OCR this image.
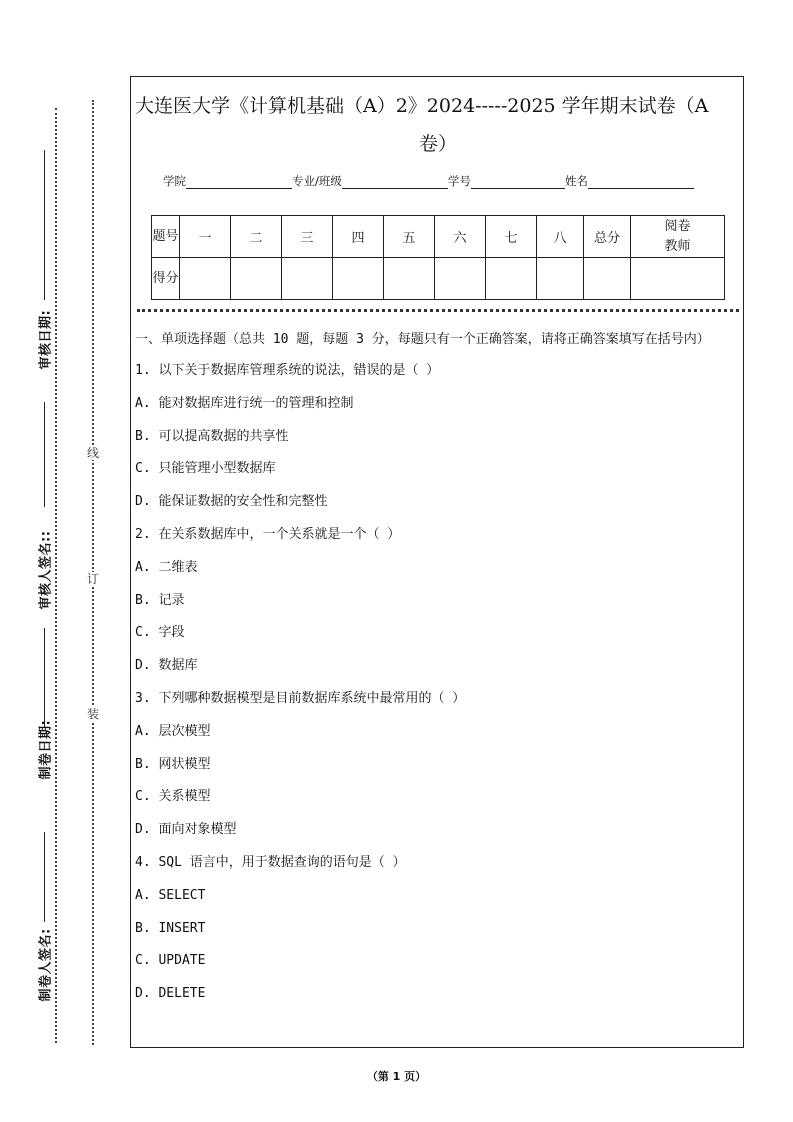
审核日期:
审核人签名::
制卷日期:
制卷人签名:
线
订
装
大连医大学《计算机基础（A）2》2024-----2025 学年期末试卷（A
卷）
学院	专业/班级	学号	姓名
题号	一	二	三	四	五	六	七	八	总分	阅卷教师
得分										
一、单项选择题（总共 10 题，每题 3 分，每题只有一个正确答案，请将正确答案填写在括号内）
1. 以下关于数据库管理系统的说法，错误的是（ ）
A. 能对数据库进行统一的管理和控制
B. 可以提高数据的共享性
C. 只能管理小型数据库
D. 能保证数据的安全性和完整性
2. 在关系数据库中，一个关系就是一个（ ）
A. 二维表
B. 记录
C. 字段
D. 数据库
3. 下列哪种数据模型是目前数据库系统中最常用的（ ）
A. 层次模型
B. 网状模型
C. 关系模型
D. 面向对象模型
4. SQL 语言中，用于数据查询的语句是（ ）
A. SELECT
B. INSERT
C. UPDATE
D. DELETE
（第 1 页）
